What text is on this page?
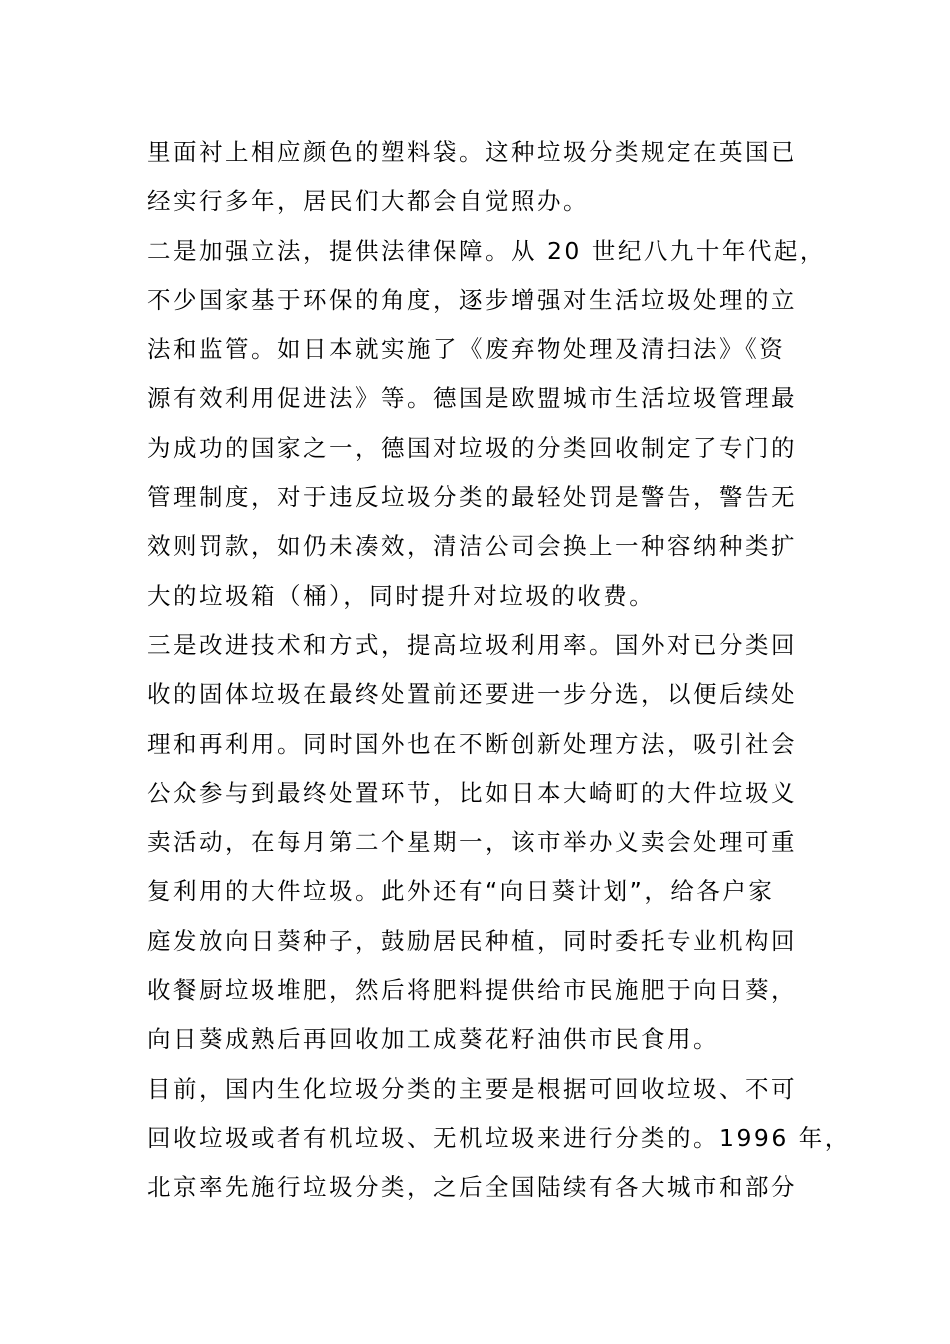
里面衬上相应颜色的塑料袋。这种垃圾分类规定在英国已
经实行多年，居民们大都会自觉照办。
二是加强立法，提供法律保障。从 20 世纪八九十年代起，
不少国家基于环保的角度，逐步增强对生活垃圾处理的立
法和监管。如日本就实施了《废弃物处理及清扫法》《资
源有效利用促进法》等。德国是欧盟城市生活垃圾管理最
为成功的国家之一，德国对垃圾的分类回收制定了专门的
管理制度，对于违反垃圾分类的最轻处罚是警告，警告无
效则罚款，如仍未凑效，清洁公司会换上一种容纳种类扩
大的垃圾箱（桶），同时提升对垃圾的收费。
三是改进技术和方式，提高垃圾利用率。国外对已分类回
收的固体垃圾在最终处置前还要进一步分选，以便后续处
理和再利用。同时国外也在不断创新处理方法，吸引社会
公众参与到最终处置环节，比如日本大崎町的大件垃圾义
卖活动，在每月第二个星期一，该市举办义卖会处理可重
复利用的大件垃圾。此外还有“向日葵计划”，给各户家
庭发放向日葵种子，鼓励居民种植，同时委托专业机构回
收餐厨垃圾堆肥，然后将肥料提供给市民施肥于向日葵，
向日葵成熟后再回收加工成葵花籽油供市民食用。
目前，国内生化垃圾分类的主要是根据可回收垃圾、不可
回收垃圾或者有机垃圾、无机垃圾来进行分类的。1996 年，
北京率先施行垃圾分类，之后全国陆续有各大城市和部分
